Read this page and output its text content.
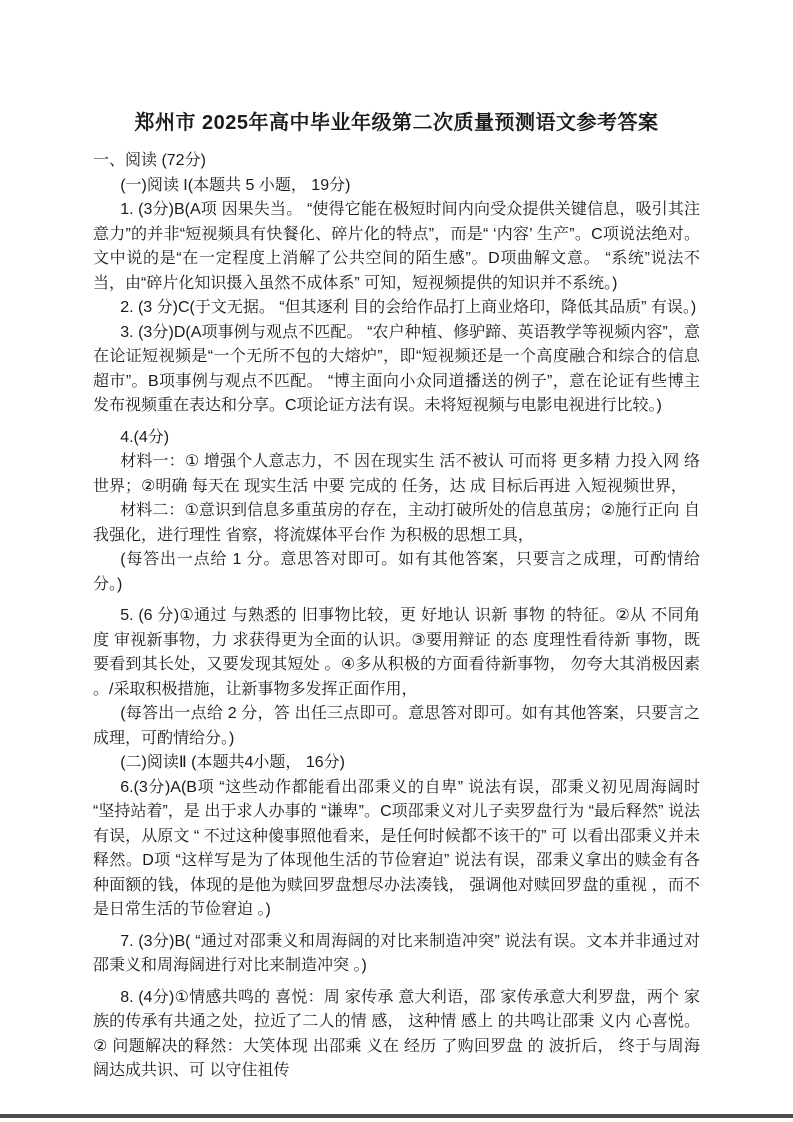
郑州市 2025年高中毕业年级第二次质量预测语文参考答案

一、阅读 (72分)

(一)阅读 I(本题共 5 小题， 19分)

1. (3分)B(A项 因果失当。 “使得它能在极短时间内向受众提供关键信息，吸引其注意力”的并非“短视频具有快餐化、碎片化的特点”，而是“ ‘内容’ 生产”。C项说法绝对。文中说的是“在一定程度上消解了公共空间的陌生感”。D项曲解文意。 “系统”说法不当，由“碎片化知识摄入虽然不成体系” 可知，短视频提供的知识并不系统。)

2. (3 分)C(于文无据。 “但其逐利 目的会给作品打上商业烙印，降低其品质” 有误。)

3. (3分)D(A项事例与观点不匹配。 “农户种植、修驴蹄、英语教学等视频内容”，意在论证短视频是“一个无所不包的大熔炉”，即“短视频还是一个高度融合和综合的信息超市”。B项事例与观点不匹配。 “博主面向小众同道播送的例子”，意在论证有些博主发布视频重在表达和分享。C项论证方法有误。未将短视频与电影电视进行比较。)

4.(4分)

材料一：① 增强个人意志力，不 因在现实生 活不被认 可而将 更多精 力投入网 络世界；②明确 每天在 现实生活 中要 完成的 任务，达 成 目标后再进 入短视频世界，

材料二：①意识到信息多重茧房的存在，主动打破所处的信息茧房；②施行正向 自我强化，进行理性 省察，将流媒体平台作 为积极的思想工具，

(每答出一点给 1 分。意思答对即可。如有其他答案，只要言之成理，可酌情给分。)

5. (6 分)①通过 与熟悉的 旧事物比较，更 好地认 识新 事物 的特征。②从 不同角度 审视新事物，力 求获得更为全面的认识。③要用辩证 的态 度理性看待新 事物，既要看到其长处，又要发现其短处 。④多从积极的方面看待新事物， 勿夸大其消极因素 。/采取积极措施，让新事物多发挥正面作用，

(每答出一点给 2 分，答 出任三点即可。意思答对即可。如有其他答案，只要言之成理，可酌情给分。)

(二)阅读Ⅱ (本题共4小题， 16分)

6.(3分)A(B项 “这些动作都能看出邵秉义的自卑” 说法有误，邵秉义初见周海阔时 “坚持站着”，是 出于求人办事的 “谦卑”。C项邵秉义对儿子卖罗盘行为 “最后释然” 说法有误，从原文 “ 不过这种傻事照他看来，是任何时候都不该干的” 可 以看出邵秉义并未释然。D项 “这样写是为了体现他生活的节俭窘迫” 说法有误，邵秉义拿出的赎金有各种面额的钱，体现的是他为赎回罗盘想尽办法凑钱， 强调他对赎回罗盘的重视 ，而不是日常生活的节俭窘迫 。)

7. (3分)B( “通过对邵秉义和周海阔的对比来制造冲突” 说法有误。文本并非通过对邵秉义和周海阔进行对比来制造冲突 。)

8. (4分)①情感共鸣的 喜悦：周 家传承 意大利语，邵 家传承意大利罗盘，两个 家族的传承有共通之处，拉近了二人的情 感， 这种情 感上 的共鸣让邵秉 义内 心喜悦。② 问题解决的释然：大笑体现 出邵乘 义在 经历 了购回罗盘 的 波折后， 终于与周海 阔达成共识、可 以守住祖传
